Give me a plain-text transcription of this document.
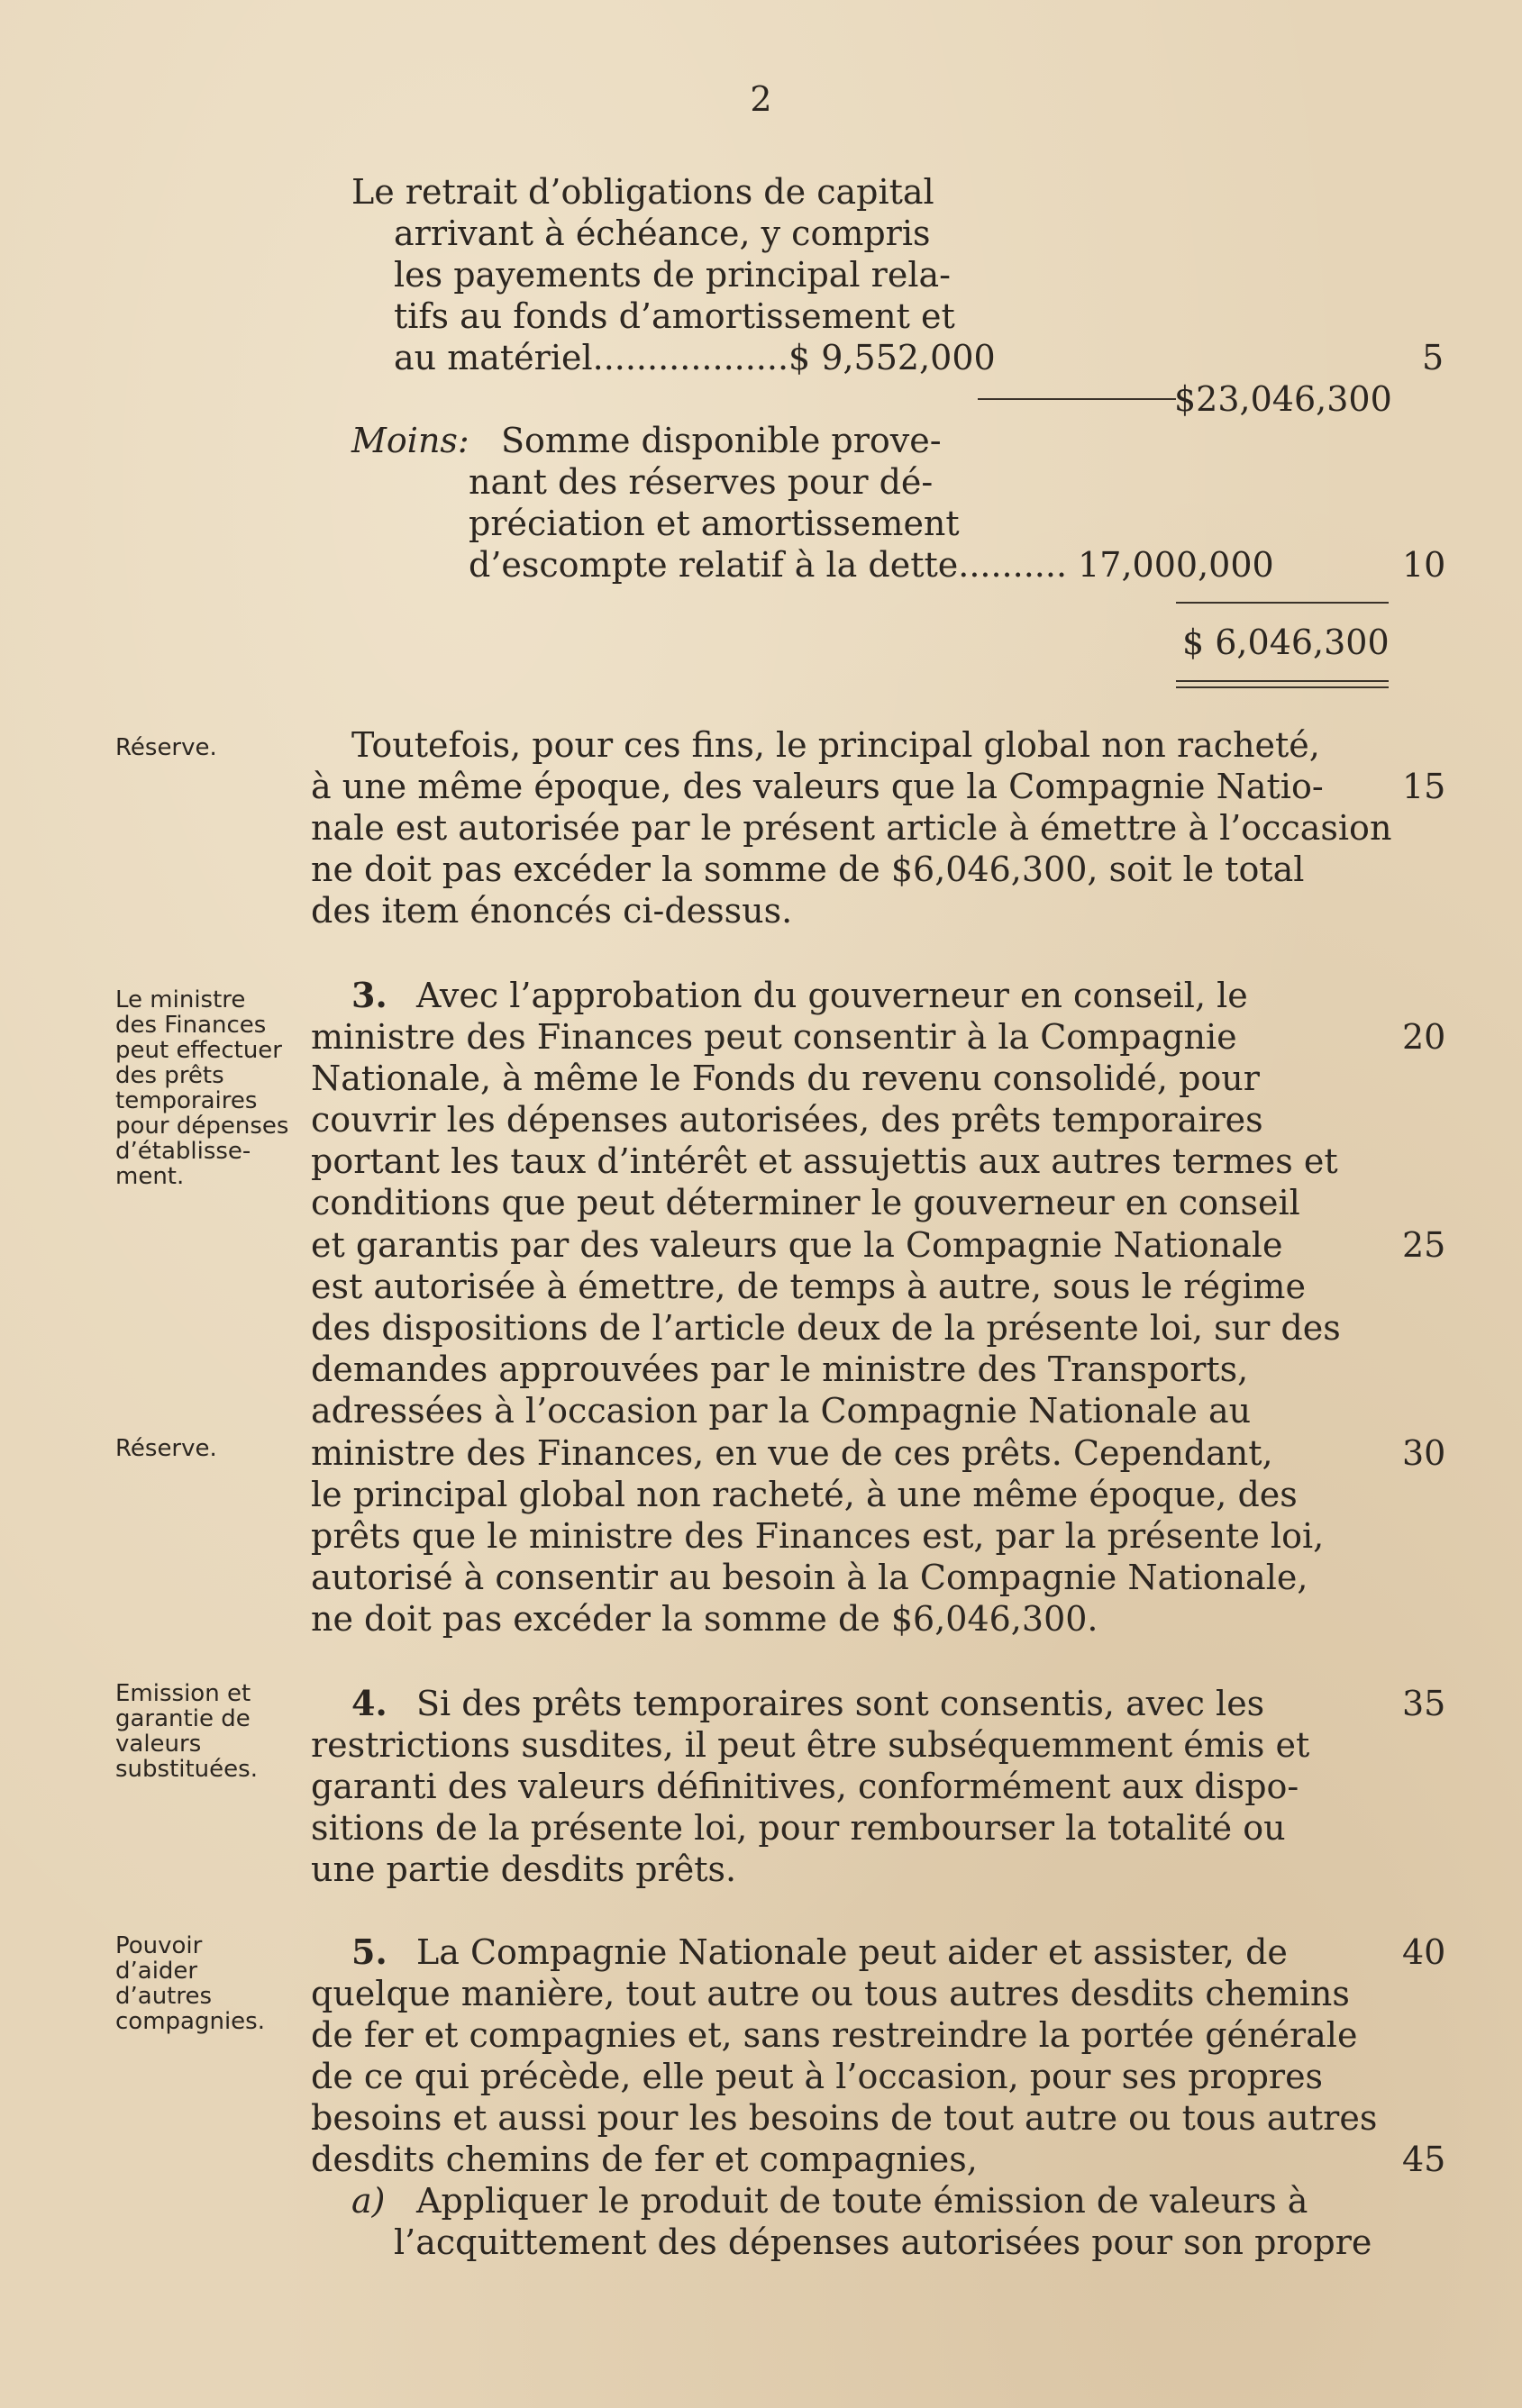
2
Le retrait d’obligations de capital
arrivant à échéance, y compris
les payements de principal rela-
tifs au fonds d’amortissement et
au matériel..................$ 9,552,000
$23,046,300
Moins: Somme disponible prove-
nant des réserves pour dé-
préciation et amortissement
d’escompte relatif à la dette.......... 17,000,000
$ 6,046,300
5
10
15
20
25
30
35
40
45
Réserve.
Le ministre
des Finances
peut effectuer
des prêts
temporaires
pour dépenses
d’établisse-
ment.
Réserve.
Emission et
garantie de
valeurs
substituées.
Pouvoir
d’aider
d’autres
compagnies.
Toutefois, pour ces fins, le principal global non racheté,
à une même époque, des valeurs que la Compagnie Natio-
nale est autorisée par le présent article à émettre à l’occasion
ne doit pas excéder la somme de $6,046,300, soit le total
des item énoncés ci-dessus.
3. Avec l’approbation du gouverneur en conseil, le
ministre des Finances peut consentir à la Compagnie
Nationale, à même le Fonds du revenu consolidé, pour
couvrir les dépenses autorisées, des prêts temporaires
portant les taux d’intérêt et assujettis aux autres termes et
conditions que peut déterminer le gouverneur en conseil
et garantis par des valeurs que la Compagnie Nationale
est autorisée à émettre, de temps à autre, sous le régime
des dispositions de l’article deux de la présente loi, sur des
demandes approuvées par le ministre des Transports,
adressées à l’occasion par la Compagnie Nationale au
ministre des Finances, en vue de ces prêts. Cependant,
le principal global non racheté, à une même époque, des
prêts que le ministre des Finances est, par la présente loi,
autorisé à consentir au besoin à la Compagnie Nationale,
ne doit pas excéder la somme de $6,046,300.
4. Si des prêts temporaires sont consentis, avec les
restrictions susdites, il peut être subséquemment émis et
garanti des valeurs définitives, conformément aux dispo-
sitions de la présente loi, pour rembourser la totalité ou
une partie desdits prêts.
5. La Compagnie Nationale peut aider et assister, de
quelque manière, tout autre ou tous autres desdits chemins
de fer et compagnies et, sans restreindre la portée générale
de ce qui précède, elle peut à l’occasion, pour ses propres
besoins et aussi pour les besoins de tout autre ou tous autres
desdits chemins de fer et compagnies,
a) Appliquer le produit de toute émission de valeurs à
l’acquittement des dépenses autorisées pour son propre
